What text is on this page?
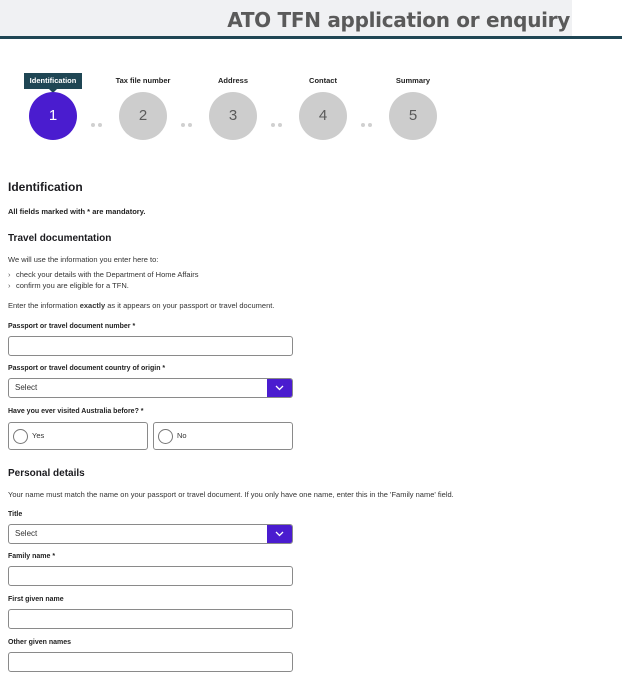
ATO TFN application or enquiry
Identification
1
Tax file number
2
Address
3
Contact
4
Summary
5
Identification
All fields marked with * are mandatory.
Travel documentation
We will use the information you enter here to:
› check your details with the Department of Home Affairs
› confirm you are eligible for a TFN.
Enter the information exactly as it appears on your passport or travel document.
Passport or travel document number *
Passport or travel document country of origin *
Select
Have you ever visited Australia before? *
Yes	No
Personal details
Your name must match the name on your passport or travel document. If you only have one name, enter this in the 'Family name' field.
Title
Select
Family name *
First given name
Other given names
